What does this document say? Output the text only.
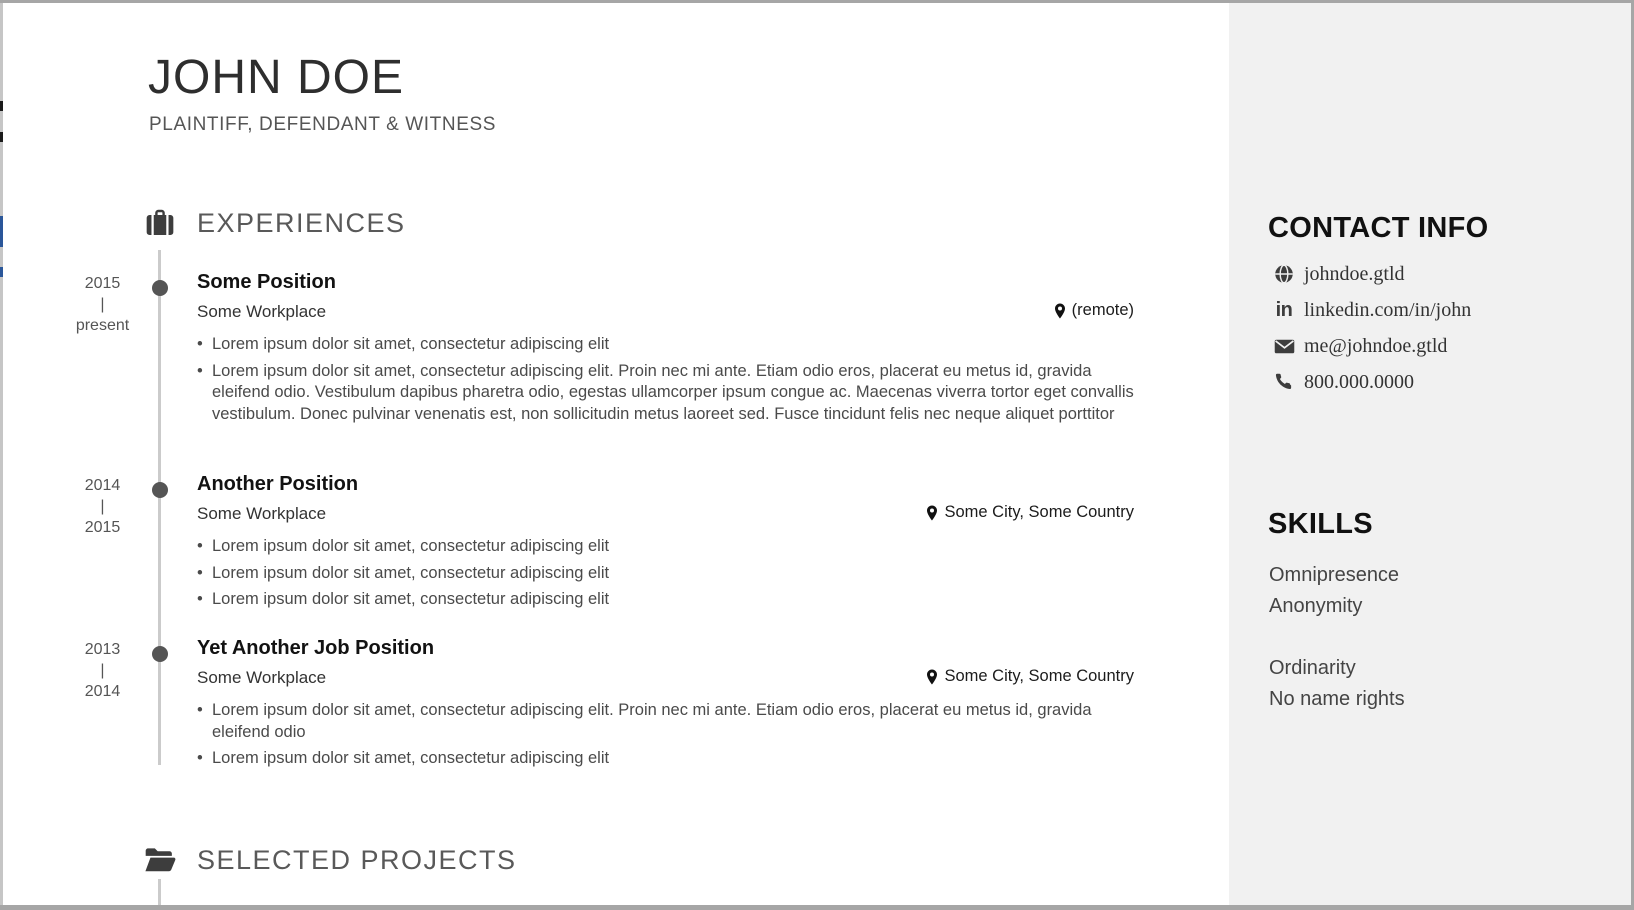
JOHN DOE
PLAINTIFF, DEFENDANT & WITNESS
EXPERIENCES
2015
|
present
(remote)
Some Position
Some Workplace
• Lorem ipsum dolor sit amet, consectetur adipiscing elit
• Lorem ipsum dolor sit amet, consectetur adipiscing elit. Proin nec mi ante. Etiam odio eros, placerat eu metus id, gravida eleifend odio. Vestibulum dapibus pharetra odio, egestas ullamcorper ipsum congue ac. Maecenas viverra tortor eget convallis vestibulum. Donec pulvinar venenatis est, non sollicitudin metus laoreet sed. Fusce tincidunt felis nec neque aliquet porttitor
2014
|
2015
Some City, Some Country
Another Position
Some Workplace
• Lorem ipsum dolor sit amet, consectetur adipiscing elit
• Lorem ipsum dolor sit amet, consectetur adipiscing elit
• Lorem ipsum dolor sit amet, consectetur adipiscing elit
2013
|
2014
Some City, Some Country
Yet Another Job Position
Some Workplace
• Lorem ipsum dolor sit amet, consectetur adipiscing elit. Proin nec mi ante. Etiam odio eros, placerat eu metus id, gravida eleifend odio
• Lorem ipsum dolor sit amet, consectetur adipiscing elit
SELECTED PROJECTS
CONTACT INFO
johndoe.gtld
in linkedin.com/in/john
me@johndoe.gtld
800.000.0000
SKILLS
Omnipresence
Anonymity
Ordinarity
No name rights
